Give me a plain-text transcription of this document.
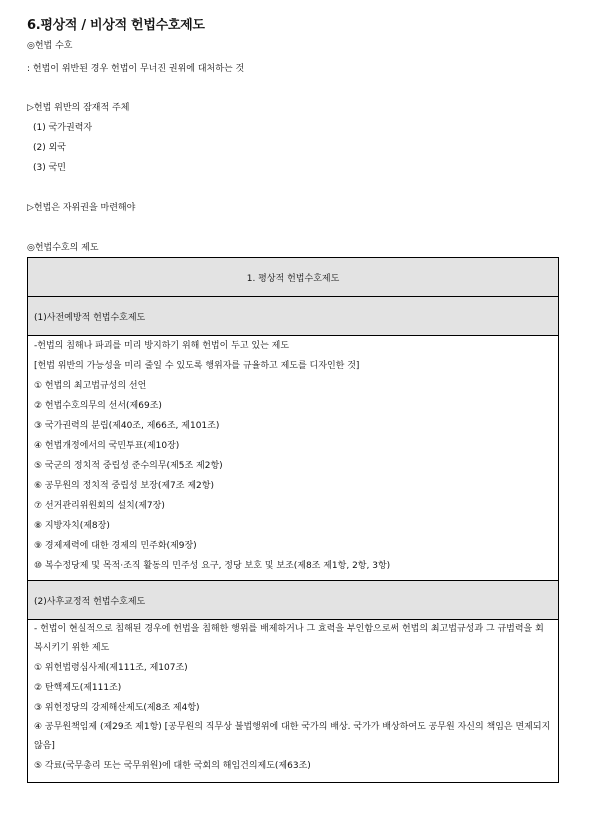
6.평상적 / 비상적 헌법수호제도
◎헌법 수호
: 헌법이 위반된 경우 헌법이 무너진 권위에 대처하는 것
▷헌법 위반의 잠재적 주체
(1) 국가권력자
(2) 외국
(3) 국민
▷헌법은 자위권을 마련해야
◎헌법수호의 제도
1. 평상적 헌법수호제도
(1)사전예방적 헌법수호제도

-헌법의 침해나 파괴를 미리 방지하기 위해 헌법이 두고 있는 제도
[헌법 위반의 가능성을 미리 줄일 수 있도록 행위자를 규율하고 제도를 디자인한 것]
① 헌법의 최고법규성의 선언
② 헌법수호의무의 선서(제69조)
③ 국가권력의 분립(제40조, 제66조, 제101조)
④ 헌법개정에서의 국민투표(제10장)
⑤ 국군의 정치적 중립성 준수의무(제5조 제2항)
⑥ 공무원의 정치적 중립성 보장(제7조 제2항)
⑦ 선거관리위원회의 설치(제7장)
⑧ 지방자치(제8장)
⑨ 경제제력에 대한 경제의 민주화(제9장)
⑩ 복수정당제 및 목적·조직 활동의 민주성 요구, 정당 보호 및 보조(제8조 제1항, 2항, 3항)

(2)사후교정적 헌법수호제도

- 헌법이 현실적으로 침해된 경우에 헌법을 침해한 행위를 배제하거나 그 효력을 부인함으로써 헌법의 최고법규성과 그 규범력을 회복시키기 위한 제도
① 위헌법령심사제(제111조, 제107조)
② 탄핵제도(제111조)
③ 위헌정당의 강제해산제도(제8조 제4항)
④ 공무원책임제 (제29조 제1항) [공무원의 직무상 불법행위에 대한 국가의 배상. 국가가 배상하여도 공무원 자신의 책임은 면제되지 않음]
⑤ 각료(국무총리 또는 국무위원)에 대한 국회의 해임건의제도(제63조)
